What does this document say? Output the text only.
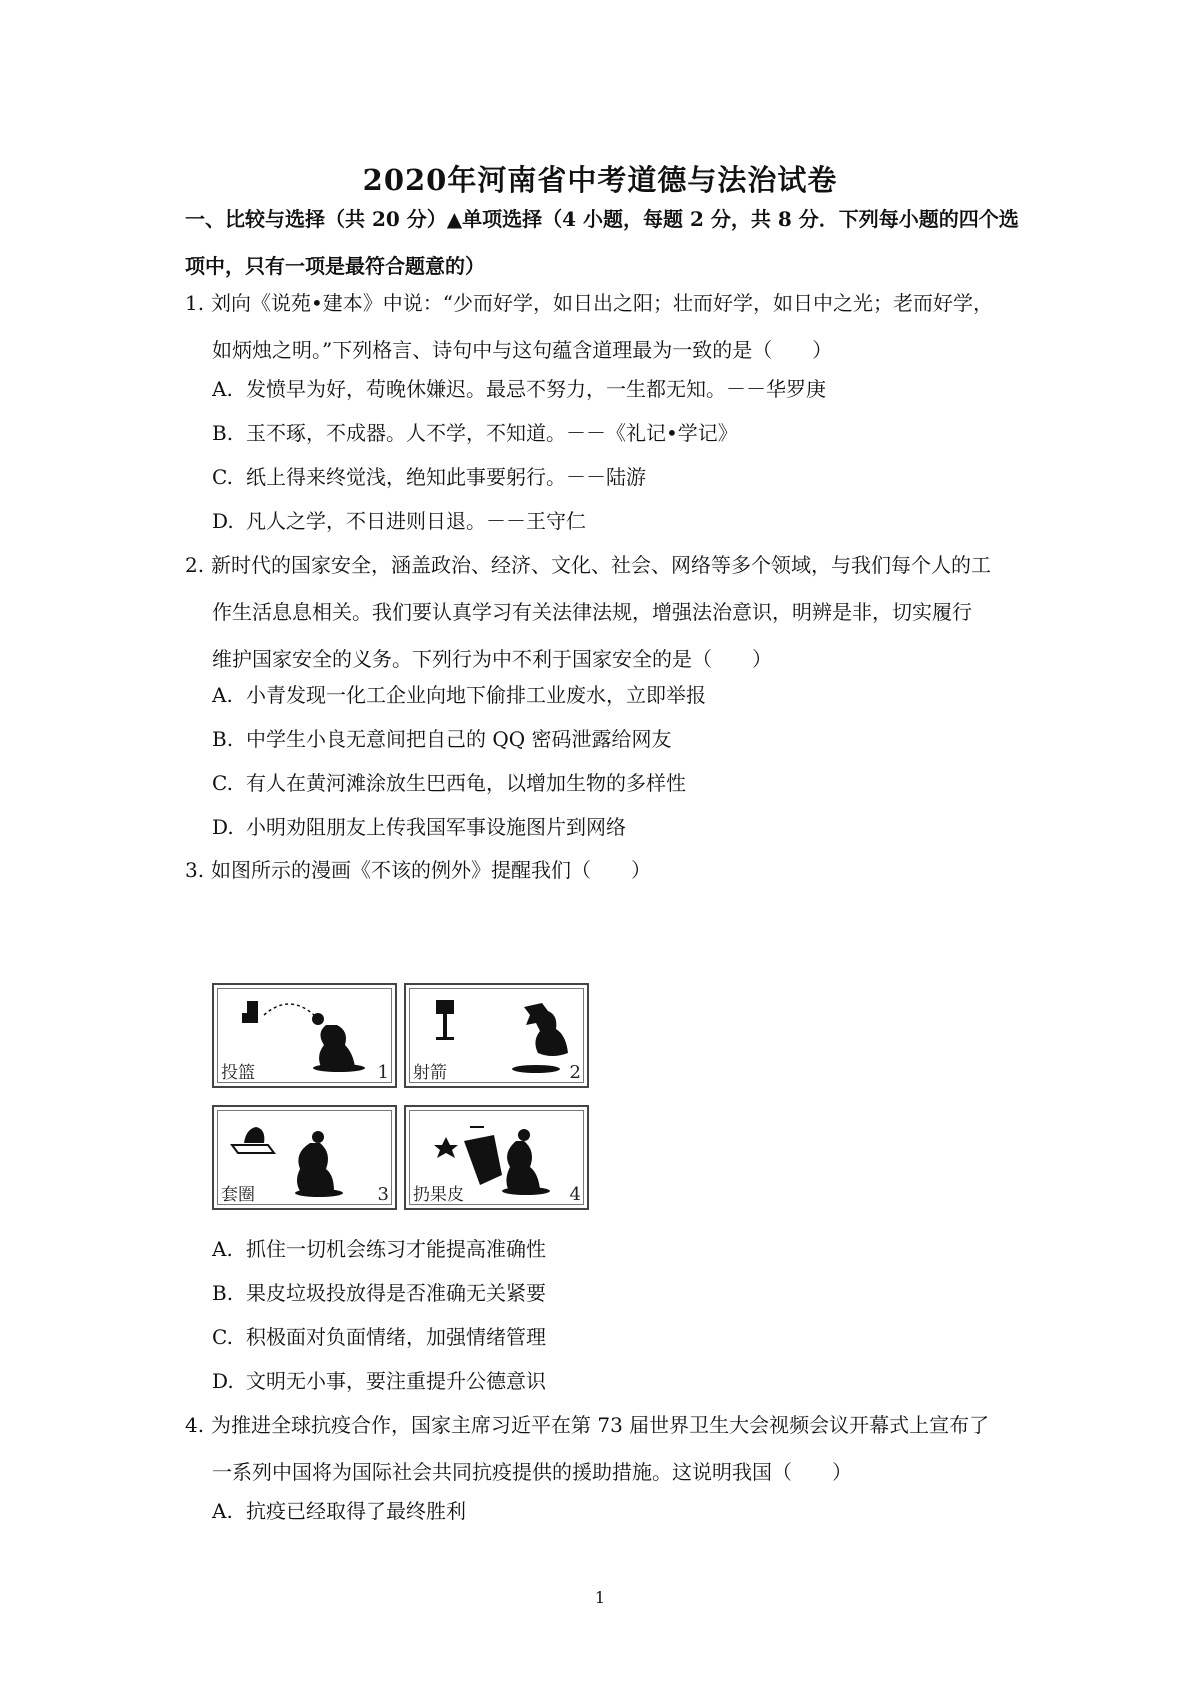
2020年河南省中考道德与法治试卷
一、比较与选择（共 20 分）▲单项选择（4 小题，每题 2 分，共 8 分．下列每小题的四个选
项中，只有一项是最符合题意的）
1. 刘向《说苑•建本》中说：“少而好学，如日出之阳；壮而好学，如日中之光；老而好学，
如炳烛之明。”下列格言、诗句中与这句蕴含道理最为一致的是（　　）
A. 发愤早为好，苟晚休嫌迟。最忌不努力，一生都无知。－－华罗庚
B. 玉不琢，不成器。人不学，不知道。－－《礼记•学记》
C. 纸上得来终觉浅，绝知此事要躬行。－－陆游
D. 凡人之学，不日进则日退。－－王守仁
2. 新时代的国家安全，涵盖政治、经济、文化、社会、网络等多个领域，与我们每个人的工
作生活息息相关。我们要认真学习有关法律法规，增强法治意识，明辨是非，切实履行
维护国家安全的义务。下列行为中不利于国家安全的是（　　）
A. 小青发现一化工企业向地下偷排工业废水，立即举报
B. 中学生小良无意间把自己的 QQ 密码泄露给网友
C. 有人在黄河滩涂放生巴西龟，以增加生物的多样性
D. 小明劝阻朋友上传我国军事设施图片到网络
3. 如图所示的漫画《不该的例外》提醒我们（　　）
投篮	1 射箭	2
套圈	3 扔果皮	4
A. 抓住一切机会练习才能提高准确性
B. 果皮垃圾投放得是否准确无关紧要
C. 积极面对负面情绪，加强情绪管理
D. 文明无小事，要注重提升公德意识
4. 为推进全球抗疫合作，国家主席习近平在第 73 届世界卫生大会视频会议开幕式上宣布了
一系列中国将为国际社会共同抗疫提供的援助措施。这说明我国（　　）
A. 抗疫已经取得了最终胜利
1
